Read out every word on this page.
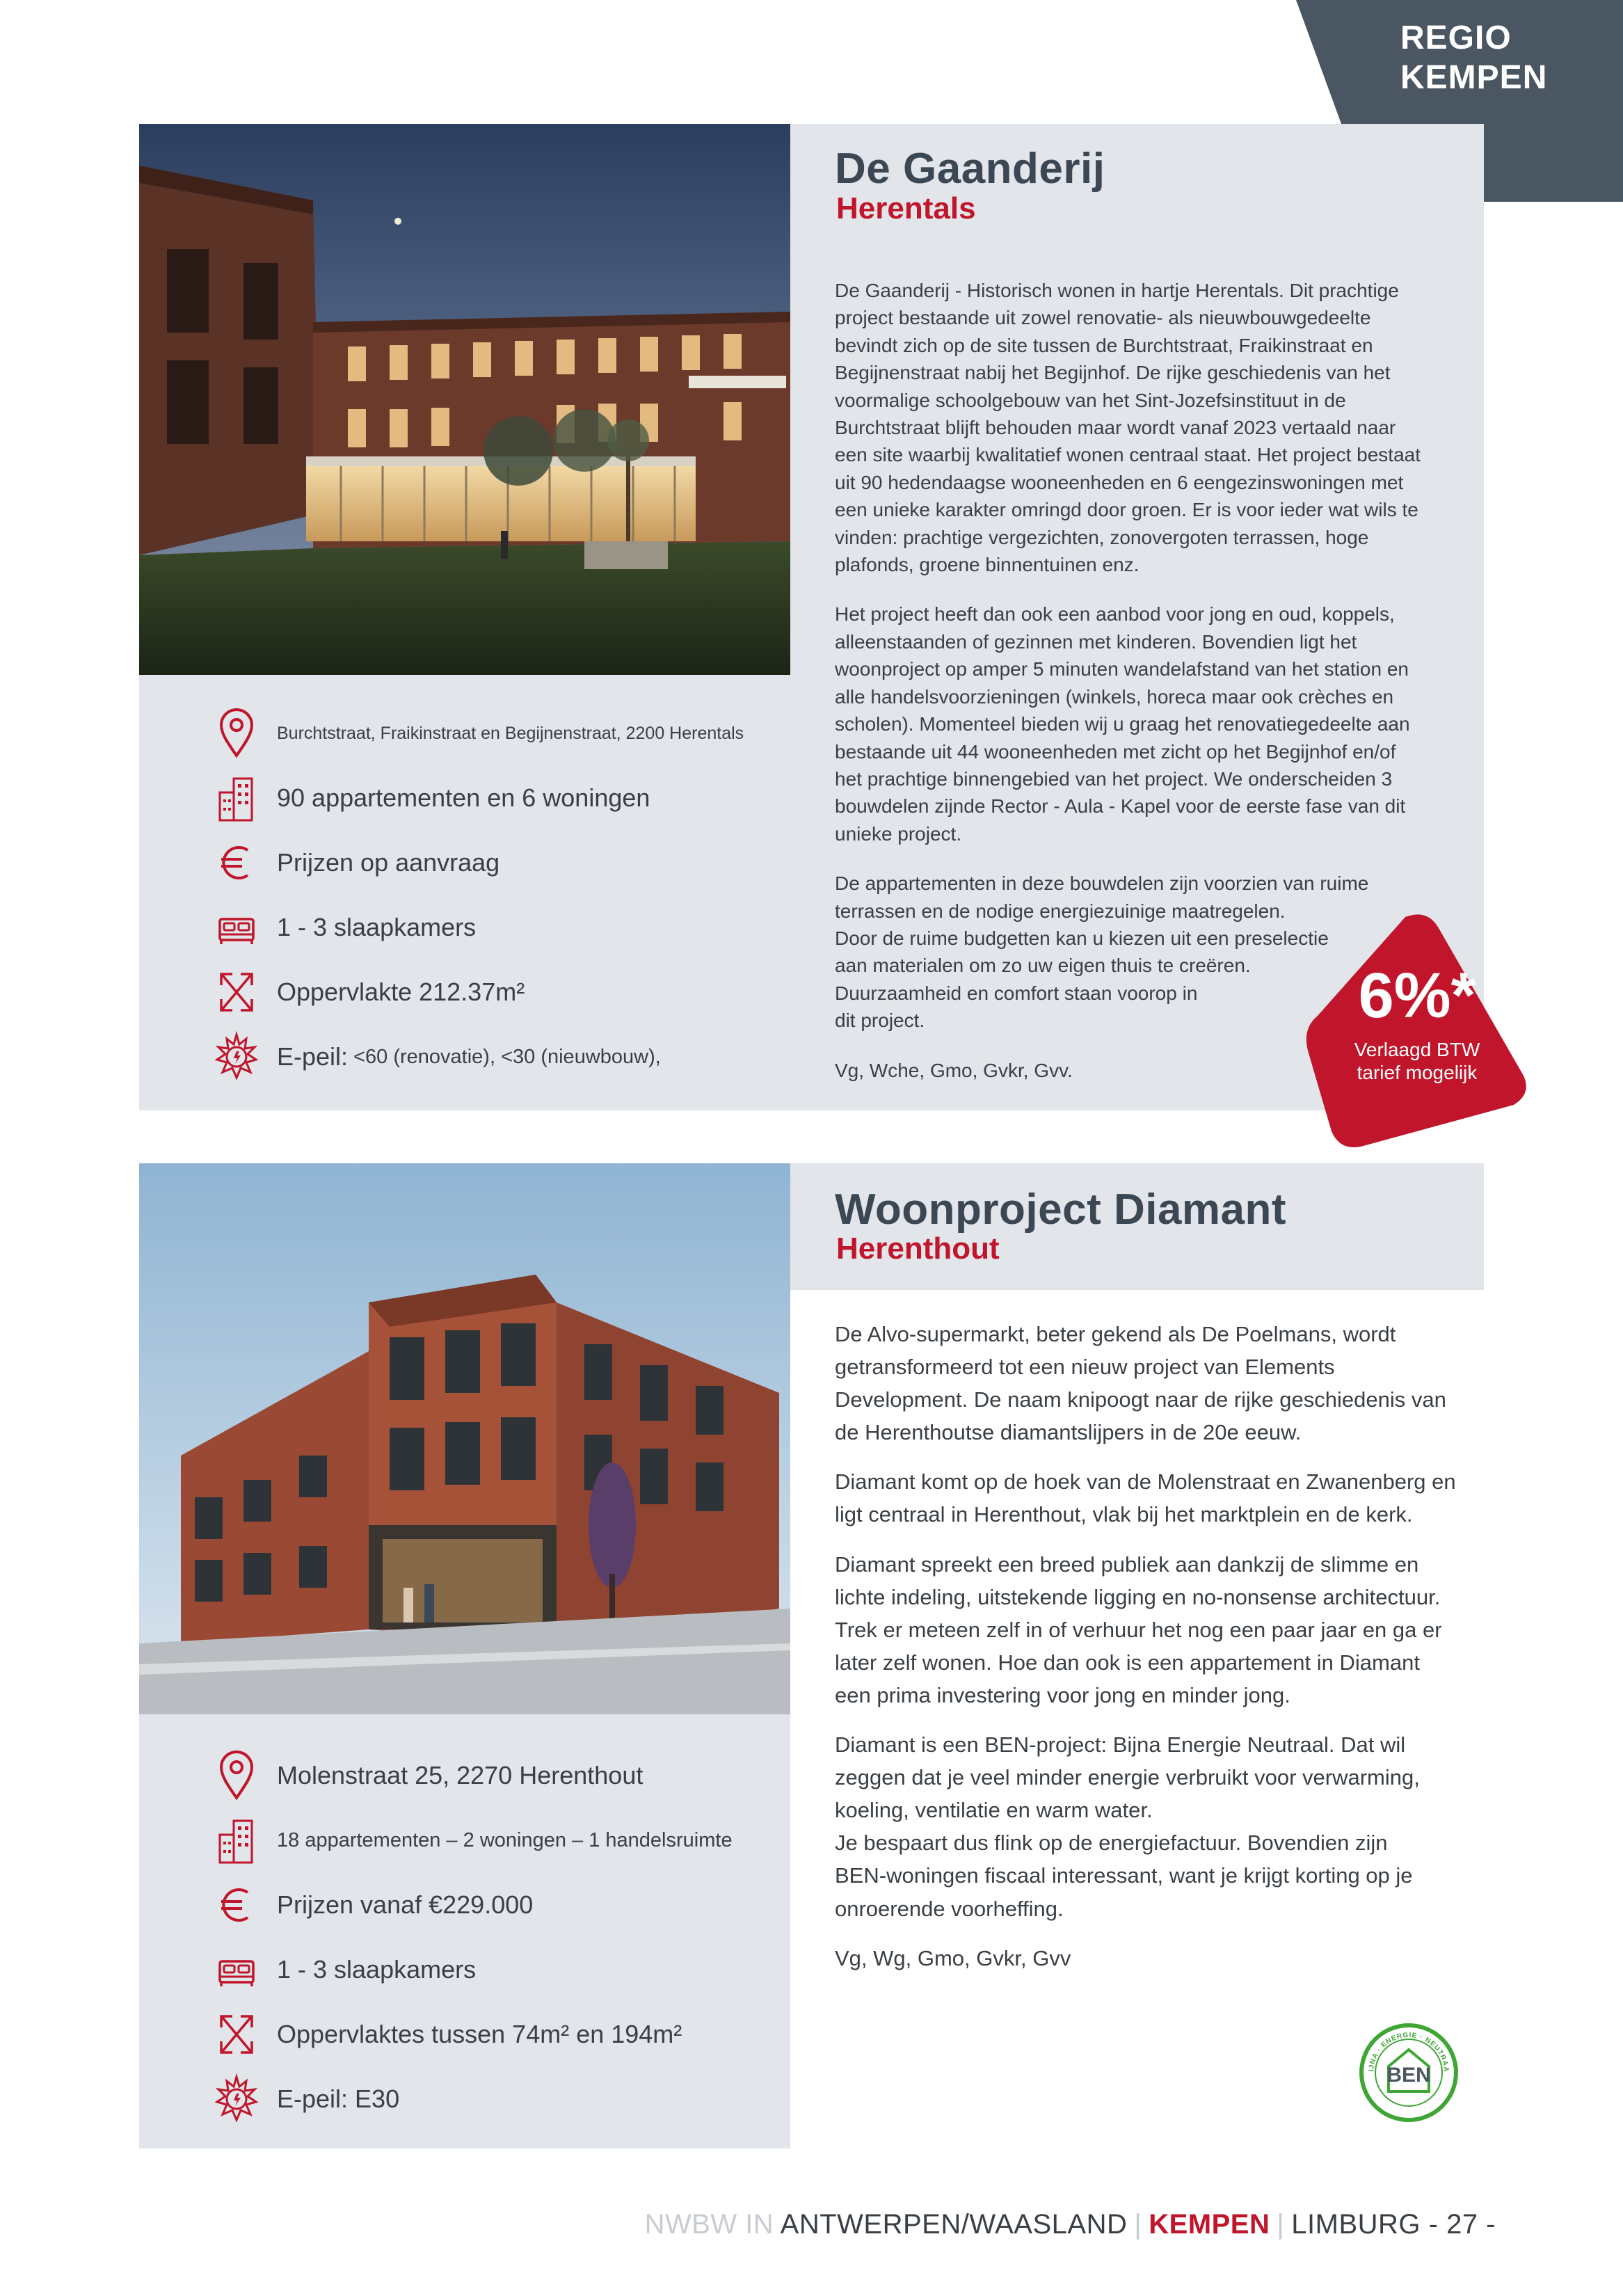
REGIO
KEMPEN
De Gaanderij
Herentals

De Gaanderij - Historisch wonen in hartje Herentals. Dit prachtige
project bestaande uit zowel renovatie- als nieuwbouwgedeelte
bevindt zich op de site tussen de Burchtstraat, Fraikinstraat en
Begijnenstraat nabij het Begijnhof. De rijke geschiedenis van het
voormalige schoolgebouw van het Sint-Jozefsinstituut in de
Burchtstraat blijft behouden maar wordt vanaf 2023 vertaald naar
een site waarbij kwalitatief wonen centraal staat. Het project bestaat
uit 90 hedendaagse wooneenheden en 6 eengezinswoningen met
een unieke karakter omringd door groen. Er is voor ieder wat wils te
vinden: prachtige vergezichten, zonovergoten terrassen, hoge
plafonds, groene binnentuinen enz.

Het project heeft dan ook een aanbod voor jong en oud, koppels,
alleenstaanden of gezinnen met kinderen. Bovendien ligt het
woonproject op amper 5 minuten wandelafstand van het station en
alle handelsvoorzieningen (winkels, horeca maar ook crèches en
scholen). Momenteel bieden wij u graag het renovatiegedeelte aan
bestaande uit 44 wooneenheden met zicht op het Begijnhof en/of
het prachtige binnengebied van het project. We onderscheiden 3
bouwdelen zijnde Rector - Aula - Kapel voor de eerste fase van dit
unieke project.

De appartementen in deze bouwdelen zijn voorzien van ruime
terrassen en de nodige energiezuinige maatregelen.
Door de ruime budgetten kan u kiezen uit een preselectie
aan materialen om zo uw eigen thuis te creëren.
Duurzaamheid en comfort staan voorop in
dit project.

Vg, Wche, Gmo, Gvkr, Gvv.

Burchtstraat, Fraikinstraat en Begijnenstraat, 2200 Herentals
90 appartementen en 6 woningen
Prijzen op aanvraag
1 - 3 slaapkamers
Oppervlakte 212.37m²
E-peil: <60 (renovatie), <30 (nieuwbouw),
6%*
Verlaagd BTW
tarief mogelijk
Woonproject Diamant
Herenthout

De Alvo-supermarkt, beter gekend als De Poelmans, wordt
getransformeerd tot een nieuw project van Elements
Development. De naam knipoogt naar de rijke geschiedenis van
de Herenthoutse diamantslijpers in de 20e eeuw.

Diamant komt op de hoek van de Molenstraat en Zwanenberg en
ligt centraal in Herenthout, vlak bij het marktplein en de kerk.

Diamant spreekt een breed publiek aan dankzij de slimme en
lichte indeling, uitstekende ligging en no-nonsense architectuur.
Trek er meteen zelf in of verhuur het nog een paar jaar en ga er
later zelf wonen. Hoe dan ook is een appartement in Diamant
een prima investering voor jong en minder jong.

Diamant is een BEN-project: Bijna Energie Neutraal. Dat wil
zeggen dat je veel minder energie verbruikt voor verwarming,
koeling, ventilatie en warm water.
Je bespaart dus flink op de energiefactuur. Bovendien zijn
BEN-woningen fiscaal interessant, want je krijgt korting op je
onroerende voorheffing.

Vg, Wg, Gmo, Gvkr, Gvv

Molenstraat 25, 2270 Herenthout
18 appartementen – 2 woningen – 1 handelsruimte
Prijzen vanaf €229.000
1 - 3 slaapkamers
Oppervlaktes tussen 74m² en 194m²
E-peil: E30
BEN
IJNA · ENERGIE · NEUTRAA
NWBW IN ANTWERPEN/WAASLAND | KEMPEN | LIMBURG - 27 -
